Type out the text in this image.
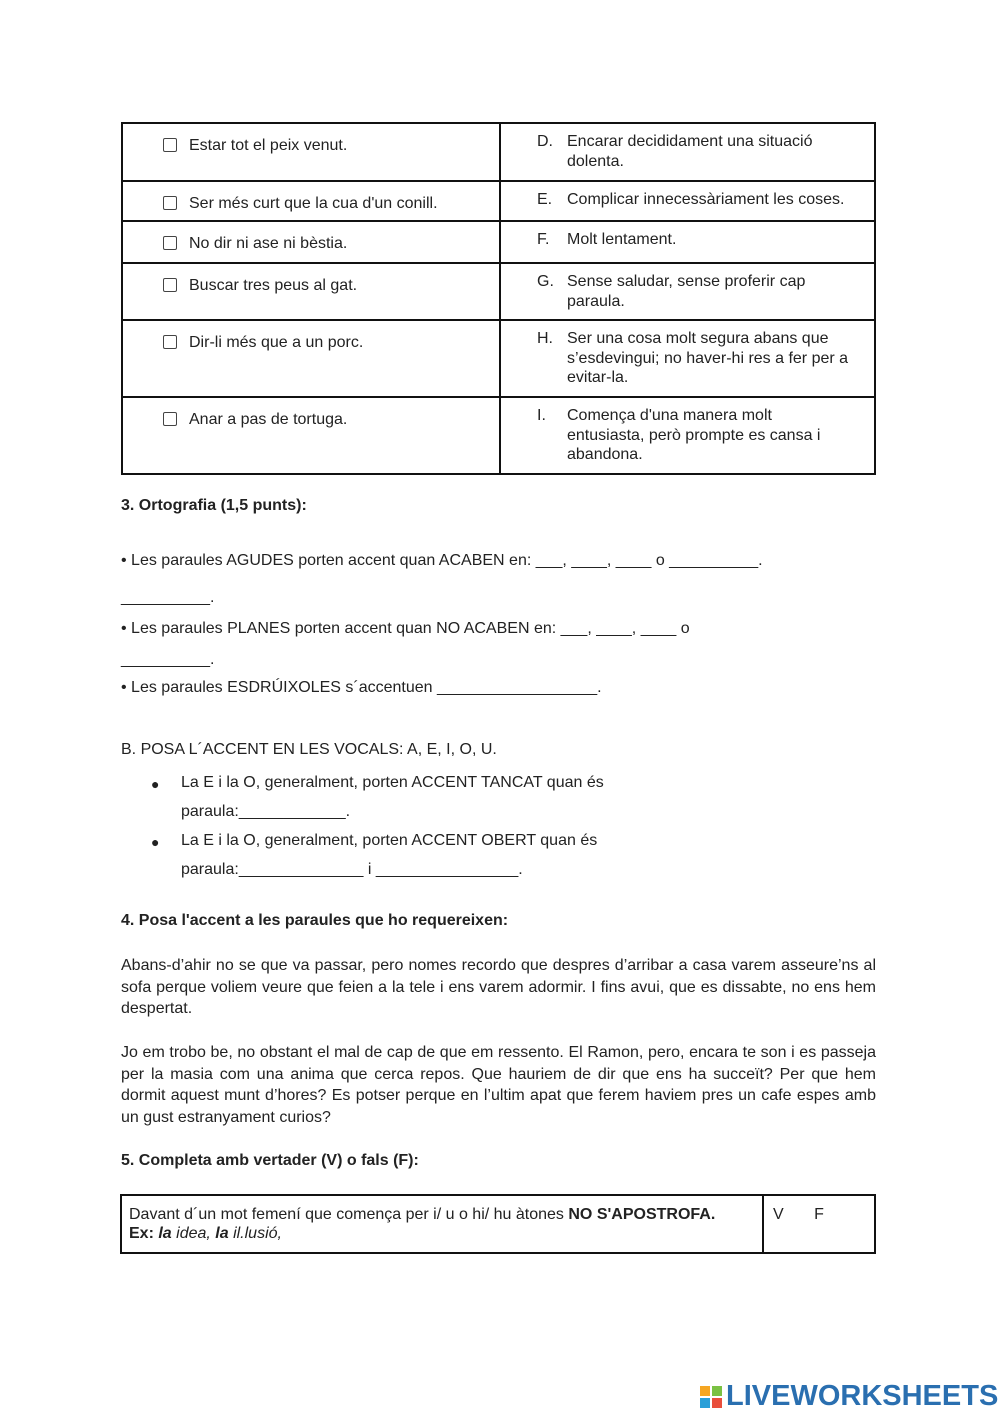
Estar tot el peix venut.	D. Encarar decididament una situació
dolenta.

Ser més curt que la cua d'un conill.	E. Complicar innecessàriament les coses.

No dir ni ase ni bèstia.	F. Molt lentament.

Buscar tres peus al gat.	G. Sense saludar, sense proferir cap
paraula.

Dir-li més que a un porc.	H. Ser una cosa molt segura abans que
s’esdevingui; no haver-hi res a fer per a
evitar-la.

Anar a pas de tortuga.	I. Comença d'una manera molt
entusiasta, però prompte es cansa i
abandona.
3. Ortografia (1,5 punts):
• Les paraules AGUDES porten accent quan ACABEN en: ___, ____, ____ o __________.
__________.
• Les paraules PLANES porten accent quan NO ACABEN en: ___, ____, ____ o
__________.
• Les paraules ESDRÚIXOLES s´accentuen __________________.
B. POSA L´ACCENT EN LES VOCALS: A, E, I, O, U.
● La E i la O, generalment, porten ACCENT TANCAT quan és
paraula:____________.
● La E i la O, generalment, porten ACCENT OBERT quan és
paraula:______________ i ________________.
4. Posa l'accent a les paraules que ho requereixen:

Abans-d’ahir no se que va passar, pero nomes recordo que despres d’arribar a casa varem asseure’ns al sofa perque voliem veure que feien a la tele i ens varem adormir. I fins avui, que es dissabte, no ens hem despertat.

Jo em trobo be, no obstant el mal de cap de que em ressento. El Ramon, pero, encara te son i es passeja per la masia com una anima que cerca repos. Que hauriem de dir que ens ha succeït? Per que hem dormit aquest munt d’hores? Es potser perque en l’ultim apat que ferem haviem pres un cafe espes amb un gust estranyament curios?

5. Completa amb vertader (V) o fals (F):
Davant d´un mot femení que comença per i/ u o hi/ hu àtones NO S'APOSTROFA.
Ex: la idea, la il.lusió,	V F
LIVEWORKSHEETS
